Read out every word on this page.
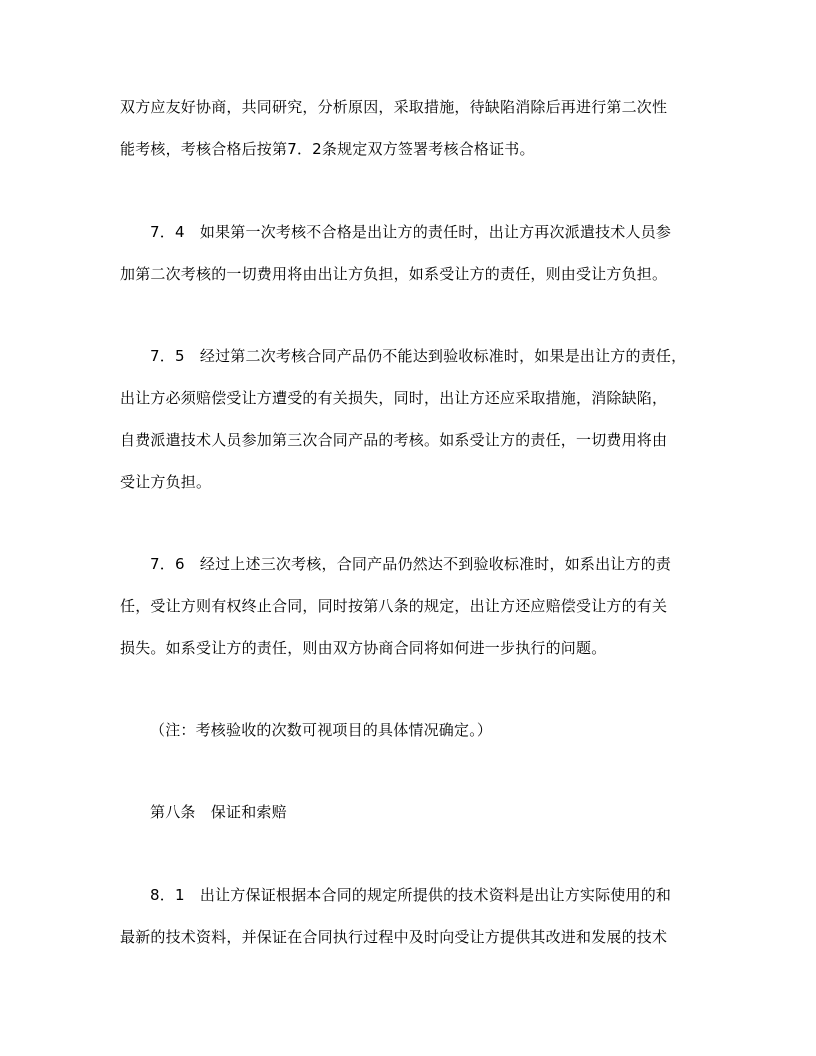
双方应友好协商，共同研究，分析原因，采取措施，待缺陷消除后再进行第二次性
能考核，考核合格后按第7．2条规定双方签署考核合格证书。
7．4　如果第一次考核不合格是出让方的责任时，出让方再次派遣技术人员参
加第二次考核的一切费用将由出让方负担，如系受让方的责任，则由受让方负担。
7．5　经过第二次考核合同产品仍不能达到验收标准时，如果是出让方的责任，
出让方必须赔偿受让方遭受的有关损失，同时，出让方还应采取措施，消除缺陷，
自费派遣技术人员参加第三次合同产品的考核。如系受让方的责任，一切费用将由
受让方负担。
7．6　经过上述三次考核，合同产品仍然达不到验收标准时，如系出让方的责
任，受让方则有权终止合同，同时按第八条的规定，出让方还应赔偿受让方的有关
损失。如系受让方的责任，则由双方协商合同将如何进一步执行的问题。
（注：考核验收的次数可视项目的具体情况确定。）
第八条　保证和索赔
8．1　出让方保证根据本合同的规定所提供的技术资料是出让方实际使用的和
最新的技术资料，并保证在合同执行过程中及时向受让方提供其改进和发展的技术
